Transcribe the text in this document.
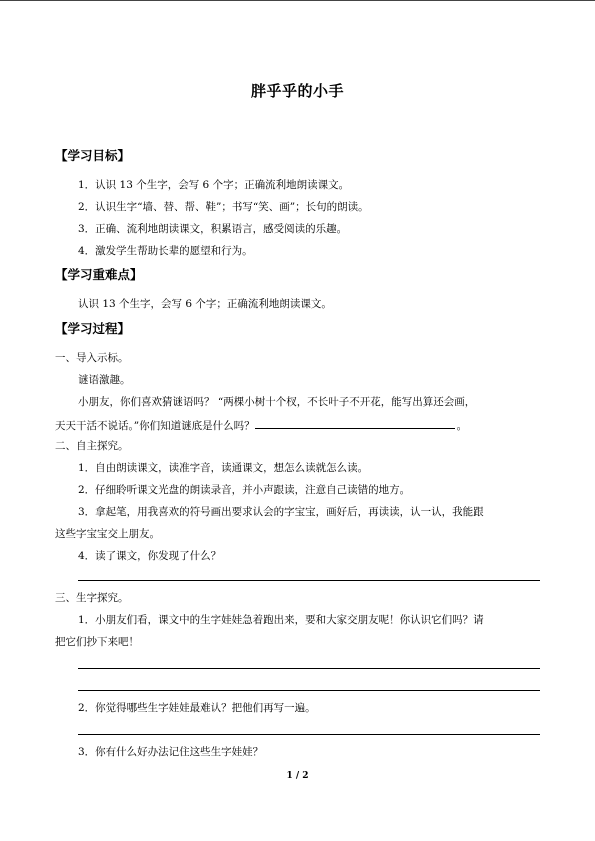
胖乎乎的小手
【学习目标】
1．认识 13 个生字，会写 6 个字；正确流利地朗读课文。
2．认识生字“墙、替、帮、鞋”；书写“笑、画”；长句的朗读。
3．正确、流利地朗读课文，积累语言，感受阅读的乐趣。
4．激发学生帮助长辈的愿望和行为。
【学习重难点】
认识 13 个生字，会写 6 个字；正确流利地朗读课文。
【学习过程】
一、导入示标。
谜语激趣。
小朋友，你们喜欢猜谜语吗？ “两棵小树十个杈，不长叶子不开花，能写出算还会画，
天天干活不说话。”你们知道谜底是什么吗？	。
二、自主探究。
1．自由朗读课文，读准字音，读通课文，想怎么读就怎么读。
2．仔细聆听课文光盘的朗读录音，并小声跟读，注意自己读错的地方。
3．拿起笔，用我喜欢的符号画出要求认会的字宝宝，画好后，再读读，认一认，我能跟
这些字宝宝交上朋友。
4．读了课文，你发现了什么？
三、生字探究。
1．小朋友们看，课文中的生字娃娃急着跑出来，要和大家交朋友呢！你认识它们吗？请
把它们抄下来吧！
2．你觉得哪些生字娃娃最难认？把他们再写一遍。
3．你有什么好办法记住这些生字娃娃？
1 / 2
